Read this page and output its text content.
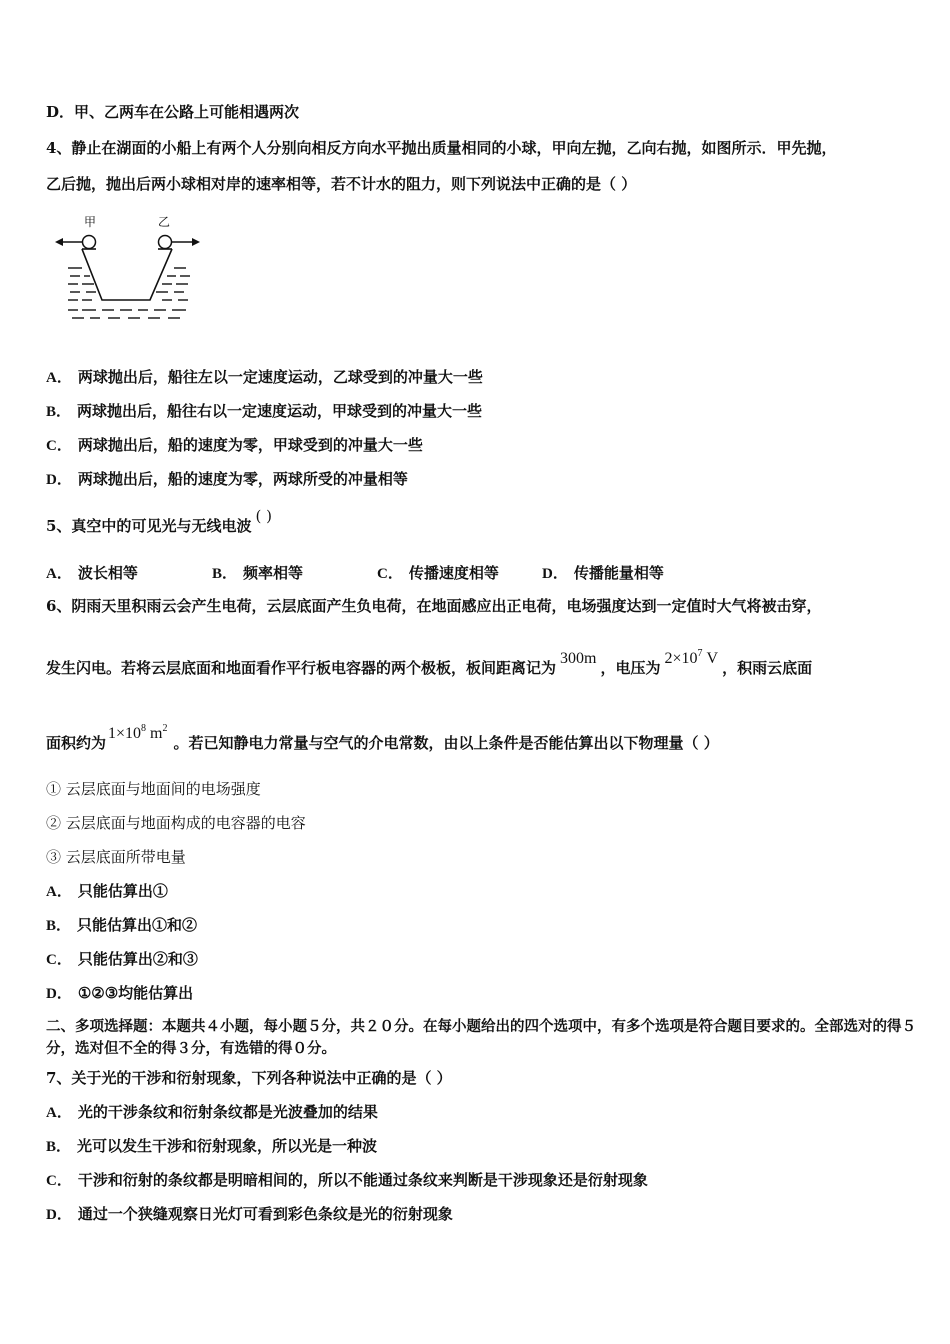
D．甲、乙两车在公路上可能相遇两次
4、静止在湖面的小船上有两个人分别向相反方向水平抛出质量相同的小球，甲向左抛，乙向右抛，如图所示．甲先抛，
乙后抛，抛出后两小球相对岸的速率相等，若不计水的阻力，则下列说法中正确的是（ ）
甲	乙
A． 两球抛出后，船往左以一定速度运动，乙球受到的冲量大一些
B． 两球抛出后，船往右以一定速度运动，甲球受到的冲量大一些
C． 两球抛出后，船的速度为零，甲球受到的冲量大一些
D． 两球抛出后，船的速度为零，两球所受的冲量相等
5、真空中的可见光与无线电波( )
A． 波长相等	B． 频率相等	C． 传播速度相等	D． 传播能量相等
6、阴雨天里积雨云会产生电荷，云层底面产生负电荷，在地面感应出正电荷，电场强度达到一定值时大气将被击穿，
发生闪电。若将云层底面和地面看作平行板电容器的两个极板，板间距离记为300m，电压为$2\times 10^7$ V，积雨云底面
面积约为$1\times 10^8$ $m^2$。若已知静电力常量与空气的介电常数，由以上条件是否能估算出以下物理量（ ）
① 云层底面与地面间的电场强度
② 云层底面与地面构成的电容器的电容
③ 云层底面所带电量
A． 只能估算出①
B． 只能估算出①和②
C． 只能估算出②和③
D． ①②③均能估算出
二、多项选择题：本题共４小题，每小题５分，共２０分。在每小题给出的四个选项中，有多个选项是符合题目要求的。全部选对的得５分，选对但不全的得３分，有选错的得０分。
7、关于光的干涉和衍射现象，下列各种说法中正确的是（ ）
A． 光的干涉条纹和衍射条纹都是光波叠加的结果
B． 光可以发生干涉和衍射现象，所以光是一种波
C． 干涉和衍射的条纹都是明暗相间的，所以不能通过条纹来判断是干涉现象还是衍射现象
D． 通过一个狭缝观察日光灯可看到彩色条纹是光的衍射现象
